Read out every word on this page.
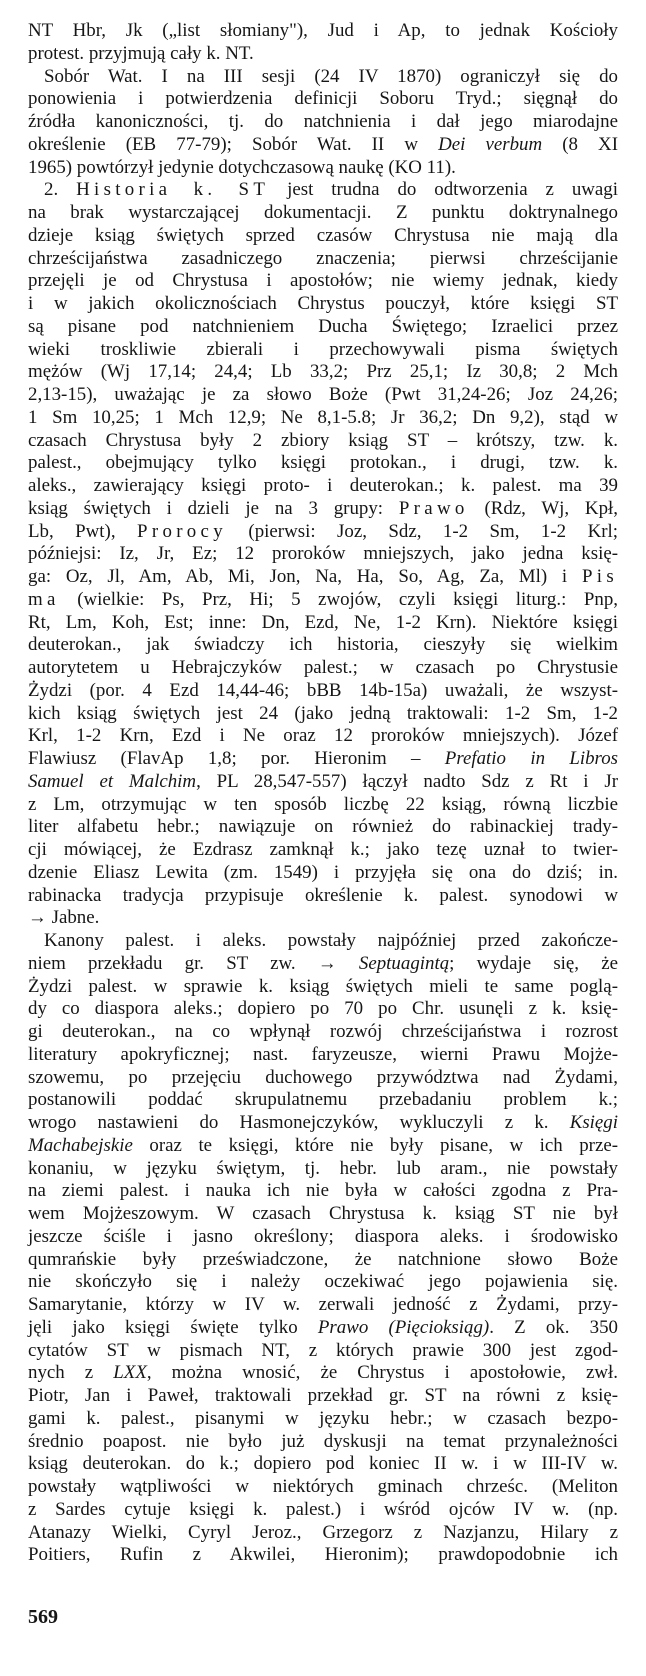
NT Hbr, Jk („list słomiany"), Jud i Ap, to jednak Kościoły
protest. przyjmują cały k. NT.
Sobór Wat. I na III sesji (24 IV 1870) ograniczył się do
ponowienia i potwierdzenia definicji Soboru Tryd.; sięgnął do
źródła kanoniczności, tj. do natchnienia i dał jego miarodajne
określenie (EB 77-79); Sobór Wat. II w Dei verbum (8 XI
1965) powtórzył jedynie dotychczasową naukę (KO 11).
2. Historia k. ST jest trudna do odtworzenia z uwagi
na brak wystarczającej dokumentacji. Z punktu doktrynalnego
dzieje ksiąg świętych sprzed czasów Chrystusa nie mają dla
chrześcijaństwa zasadniczego znaczenia; pierwsi chrześcijanie
przejęli je od Chrystusa i apostołów; nie wiemy jednak, kiedy
i w jakich okolicznościach Chrystus pouczył, które księgi ST
są pisane pod natchnieniem Ducha Świętego; Izraelici przez
wieki troskliwie zbierali i przechowywali pisma świętych
mężów (Wj 17,14; 24,4; Lb 33,2; Prz 25,1; Iz 30,8; 2 Mch
2,13-15), uważając je za słowo Boże (Pwt 31,24-26; Joz 24,26;
1 Sm 10,25; 1 Mch 12,9; Ne 8,1-5.8; Jr 36,2; Dn 9,2), stąd w
czasach Chrystusa były 2 zbiory ksiąg ST – krótszy, tzw. k.
palest., obejmujący tylko księgi protokan., i drugi, tzw. k.
aleks., zawierający księgi proto- i deuterokan.; k. palest. ma 39
ksiąg świętych i dzieli je na 3 grupy: Prawo (Rdz, Wj, Kpł,
Lb, Pwt), Prorocy (pierwsi: Joz, Sdz, 1-2 Sm, 1-2 Krl;
późniejsi: Iz, Jr, Ez; 12 proroków mniejszych, jako jedna księ-
ga: Oz, Jl, Am, Ab, Mi, Jon, Na, Ha, So, Ag, Za, Ml) i Pis
ma (wielkie: Ps, Prz, Hi; 5 zwojów, czyli księgi liturg.: Pnp,
Rt, Lm, Koh, Est; inne: Dn, Ezd, Ne, 1-2 Krn). Niektóre księgi
deuterokan., jak świadczy ich historia, cieszyły się wielkim
autorytetem u Hebrajczyków palest.; w czasach po Chrystusie
Żydzi (por. 4 Ezd 14,44-46; bBB 14b-15a) uważali, że wszyst-
kich ksiąg świętych jest 24 (jako jedną traktowali: 1-2 Sm, 1-2
Krl, 1-2 Krn, Ezd i Ne oraz 12 proroków mniejszych). Józef
Flawiusz (FlavAp 1,8; por. Hieronim – Prefatio in Libros
Samuel et Malchim, PL 28,547-557) łączył nadto Sdz z Rt i Jr
z Lm, otrzymując w ten sposób liczbę 22 ksiąg, równą liczbie
liter alfabetu hebr.; nawiązuje on również do rabinackiej trady-
cji mówiącej, że Ezdrasz zamknął k.; jako tezę uznał to twier-
dzenie Eliasz Lewita (zm. 1549) i przyjęła się ona do dziś; in.
rabinacka tradycja przypisuje określenie k. palest. synodowi w
→ Jabne.
Kanony palest. i aleks. powstały najpóźniej przed zakończe-
niem przekładu gr. ST zw. → Septuagintą; wydaje się, że
Żydzi palest. w sprawie k. ksiąg świętych mieli te same poglą-
dy co diaspora aleks.; dopiero po 70 po Chr. usunęli z k. księ-
gi deuterokan., na co wpłynął rozwój chrześcijaństwa i rozrost
literatury apokryficznej; nast. faryzeusze, wierni Prawu Mojże-
szowemu, po przejęciu duchowego przywództwa nad Żydami,
postanowili poddać skrupulatnemu przebadaniu problem k.;
wrogo nastawieni do Hasmonejczyków, wykluczyli z k. Księgi
Machabejskie oraz te księgi, które nie były pisane, w ich prze-
konaniu, w języku świętym, tj. hebr. lub aram., nie powstały
na ziemi palest. i nauka ich nie była w całości zgodna z Pra-
wem Mojżeszowym. W czasach Chrystusa k. ksiąg ST nie był
jeszcze ściśle i jasno określony; diaspora aleks. i środowisko
qumrańskie były przeświadczone, że natchnione słowo Boże
nie skończyło się i należy oczekiwać jego pojawienia się.
Samarytanie, którzy w IV w. zerwali jedność z Żydami, przy-
jęli jako księgi święte tylko Prawo (Pięcioksiąg). Z ok. 350
cytatów ST w pismach NT, z których prawie 300 jest zgod-
nych z LXX, można wnosić, że Chrystus i apostołowie, zwł.
Piotr, Jan i Paweł, traktowali przekład gr. ST na równi z księ-
gami k. palest., pisanymi w języku hebr.; w czasach bezpo-
średnio poapost. nie było już dyskusji na temat przynależności
ksiąg deuterokan. do k.; dopiero pod koniec II w. i w III-IV w.
powstały wątpliwości w niektórych gminach chrześc. (Meliton
z Sardes cytuje księgi k. palest.) i wśród ojców IV w. (np.
Atanazy Wielki, Cyryl Jeroz., Grzegorz z Nazjanzu, Hilary z
Poitiers, Rufin z Akwilei, Hieronim); prawdopodobnie ich
569
